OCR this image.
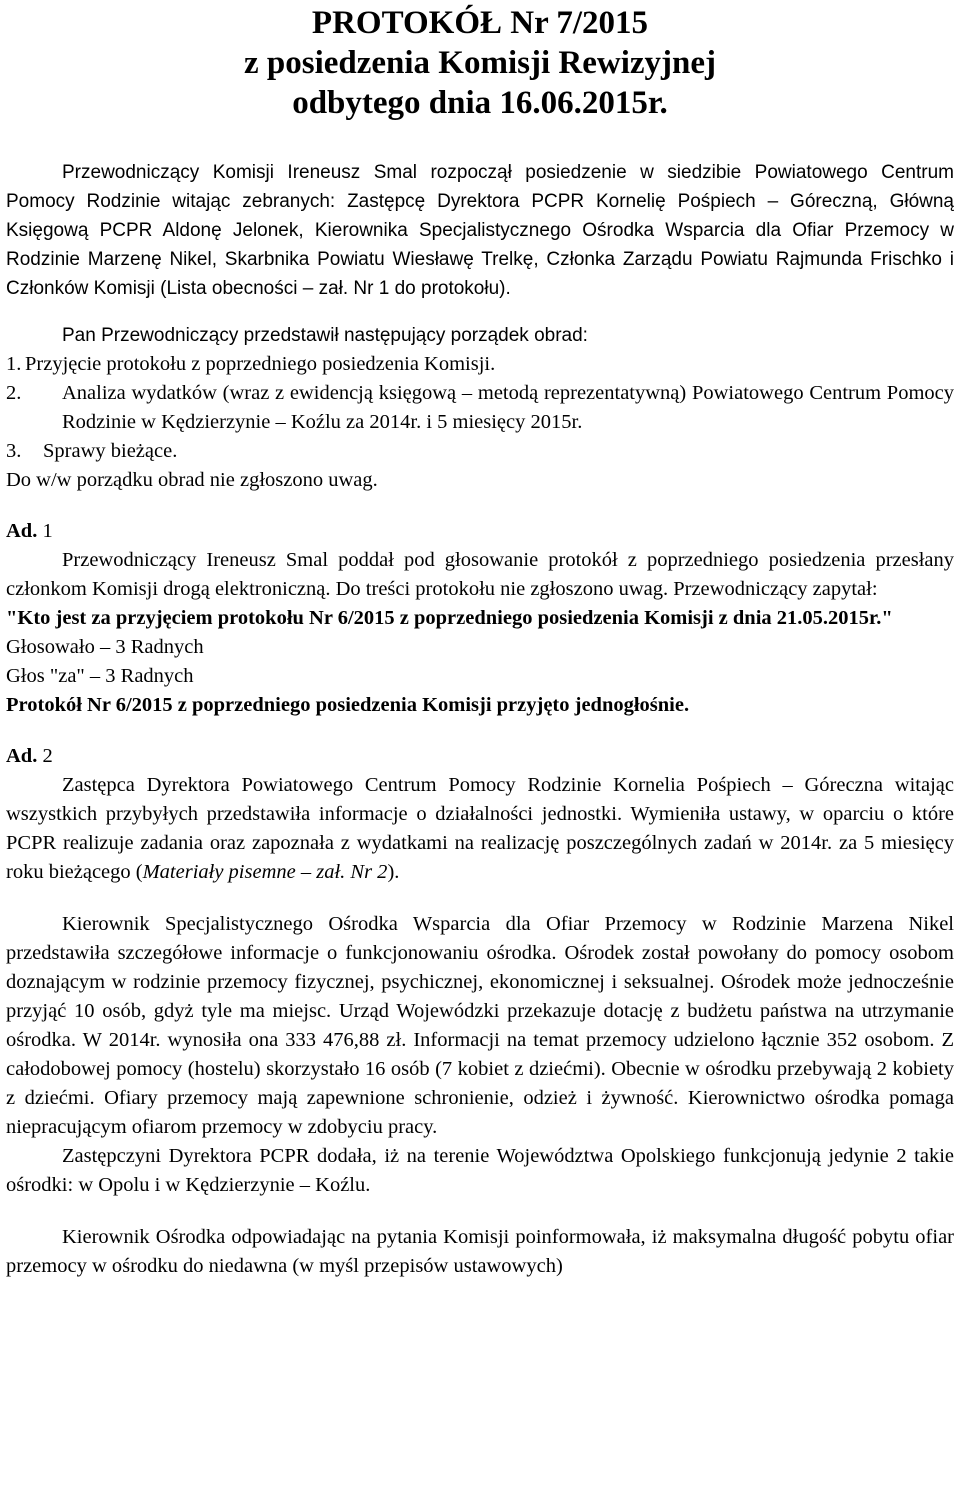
PROTOKÓŁ Nr 7/2015
z posiedzenia Komisji Rewizyjnej
odbytego dnia 16.06.2015r.

Przewodniczący Komisji Ireneusz Smal rozpoczął posiedzenie w siedzibie Powiatowego Centrum Pomocy Rodzinie witając zebranych: Zastępcę Dyrektora PCPR Kornelię Pośpiech – Góreczną, Główną Księgową PCPR Aldonę Jelonek, Kierownika Specjalistycznego Ośrodka Wsparcia dla Ofiar Przemocy w Rodzinie Marzenę Nikel, Skarbnika Powiatu Wiesławę Trelkę, Członka Zarządu Powiatu Rajmunda Frischko i Członków Komisji (Lista obecności – zał. Nr 1 do protokołu).

Pan Przewodniczący przedstawił następujący porządek obrad:

1. Przyjęcie protokołu z poprzedniego posiedzenia Komisji.
2.	Analiza wydatków (wraz z ewidencją księgową – metodą reprezentatywną) Powiatowego Centrum Pomocy Rodzinie w Kędzierzynie – Koźlu za 2014r. i 5 miesięcy 2015r.
3.	Sprawy bieżące.

Do w/w porządku obrad nie zgłoszono uwag.

Ad. 1

Przewodniczący Ireneusz Smal poddał pod głosowanie protokół z poprzedniego posiedzenia przesłany członkom Komisji drogą elektroniczną. Do treści protokołu nie zgłoszono uwag. Przewodniczący zapytał:

"Kto jest za przyjęciem protokołu Nr 6/2015 z poprzedniego posiedzenia Komisji z dnia 21.05.2015r."

Głosowało – 3 Radnych

Głos "za" – 3 Radnych

Protokół Nr 6/2015 z poprzedniego posiedzenia Komisji przyjęto jednogłośnie.

Ad. 2

Zastępca Dyrektora Powiatowego Centrum Pomocy Rodzinie Kornelia Pośpiech – Góreczna witając wszystkich przybyłych przedstawiła informacje o działalności jednostki. Wymieniła ustawy, w oparciu o które PCPR realizuje zadania oraz zapoznała z wydatkami na realizację poszczególnych zadań w 2014r. za 5 miesięcy roku bieżącego (Materiały pisemne – zał. Nr 2).

Kierownik Specjalistycznego Ośrodka Wsparcia dla Ofiar Przemocy w Rodzinie Marzena Nikel przedstawiła szczegółowe informacje o funkcjonowaniu ośrodka. Ośrodek został powołany do pomocy osobom doznającym w rodzinie przemocy fizycznej, psychicznej, ekonomicznej i seksualnej. Ośrodek może jednocześnie przyjąć 10 osób, gdyż tyle ma miejsc. Urząd Wojewódzki przekazuje dotację z budżetu państwa na utrzymanie ośrodka. W 2014r. wynosiła ona 333 476,88 zł. Informacji na temat przemocy udzielono łącznie 352 osobom. Z całodobowej pomocy (hostelu) skorzystało 16 osób (7 kobiet z dziećmi). Obecnie w ośrodku przebywają 2 kobiety z dziećmi. Ofiary przemocy mają zapewnione schronienie, odzież i żywność. Kierownictwo ośrodka pomaga niepracującym ofiarom przemocy w zdobyciu pracy.

Zastępczyni Dyrektora PCPR dodała, iż na terenie Województwa Opolskiego funkcjonują jedynie 2 takie ośrodki: w Opolu i w Kędzierzynie – Koźlu.

Kierownik Ośrodka odpowiadając na pytania Komisji poinformowała, iż maksymalna długość pobytu ofiar przemocy w ośrodku do niedawna (w myśl przepisów ustawowych)
